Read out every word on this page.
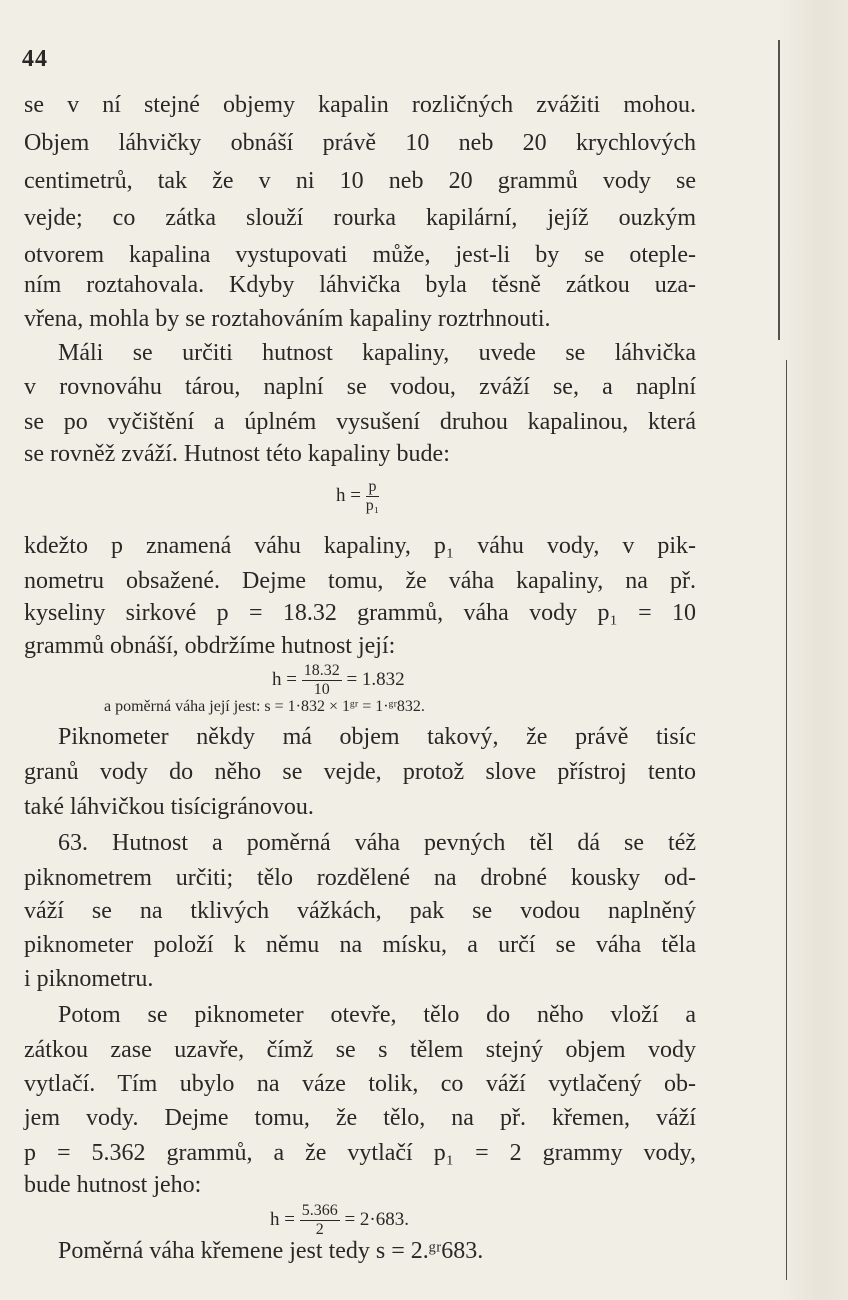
44
se v ní stejné objemy kapalin rozličných zvážiti mohou.
Objem láhvičky obnáší právě 10 neb 20 krychlových
centimetrů, tak že v ni 10 neb 20 grammů vody se
vejde; co zátka slouží rourka kapilární, jejíž ouzkým
otvorem kapalina vystupovati může, jest-li by se oteple-
ním roztahovala. Kdyby láhvička byla těsně zátkou uza-
vřena, mohla by se roztahováním kapaliny roztrhnouti.
Máli se určiti hutnost kapaliny, uvede se láhvička
v rovnováhu tárou, naplní se vodou, zváží se, a naplní
se po vyčištění a úplném vysušení druhou kapalinou, která
se rovněž zváží. Hutnost této kapaliny bude:
$h = \frac{p}{\text{p₁}}$
kdežto p znamená váhu kapaliny, p₁ váhu vody, v pik-
nometru obsažené. Dejme tomu, že váha kapaliny, na př.
kyseliny sirkové p = 18.32 grammů, váha vody p₁ = 10
grammů obnáší, obdržíme hutnost její:
$h = \frac{18.32}{10} = 1.832$
a poměrná váha její jest: s = 1·832 × 1ᵍʳ = 1·ᵍʳ832.
Piknometer někdy má objem takový, že právě tisíc
granů vody do něho se vejde, protož slove přístroj tento
také láhvičkou tisícigránovou.
63. Hutnost a poměrná váha pevných těl dá se též
piknometrem určiti; tělo rozdělené na drobné kousky od-
váží se na tklivých vážkách, pak se vodou naplněný
piknometer položí k němu na mísku, a určí se váha těla
i piknometru.
Potom se piknometer otevře, tělo do něho vloží a
zátkou zase uzavře, čímž se s tělem stejný objem vody
vytlačí. Tím ubylo na váze tolik, co váží vytlačený ob-
jem vody. Dejme tomu, že tělo, na př. křemen, váží
p = 5.362 grammů, a že vytlačí p₁ = 2 grammy vody,
bude hutnost jeho:
$h = \frac{5.366}{2} = 2\cdot 683$.
Poměrná váha křemene jest tedy s = 2.ᵍʳ683.
